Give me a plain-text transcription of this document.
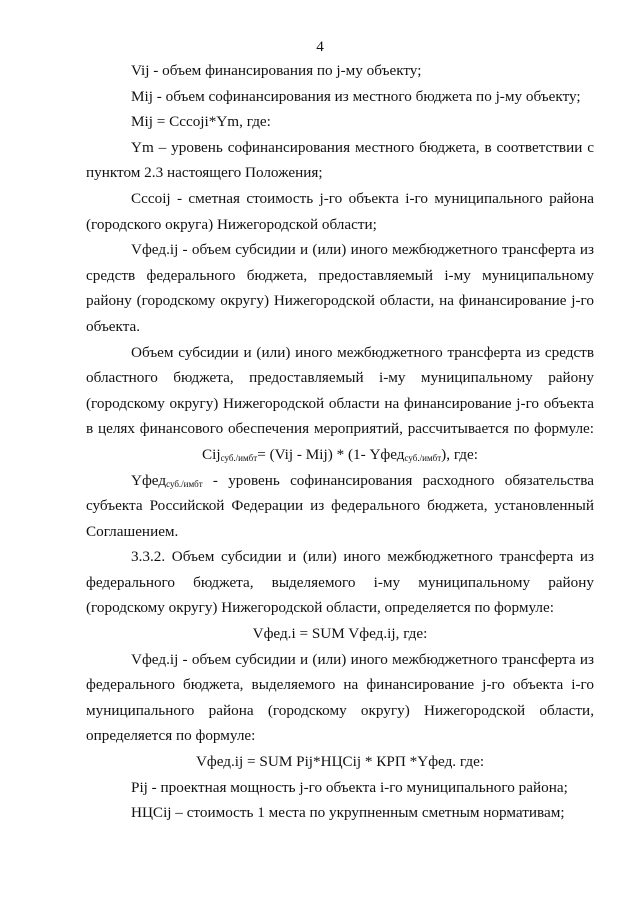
4
Vij - объем финансирования по j-му объекту;
Mij - объем софинансирования из местного бюджета по j-му объекту;
Mij = Cccoji*Ym, где:
Ym – уровень софинансирования местного бюджета, в соответствии с
пунктом 2.3 настоящего Положения;
Cccoij - сметная стоимость j-го объекта i-го муниципального района
(городского округа) Нижегородской области;
Vфед.ij - объем субсидии и (или) иного межбюджетного трансферта из
средств федерального бюджета, предоставляемый i-му муниципальному
району (городскому округу) Нижегородской области, на финансирование j-го
объекта.
Объем субсидии и (или) иного межбюджетного трансферта из средств
областного бюджета, предоставляемый i-му муниципальному району
(городскому округу) Нижегородской области на финансирование j-го объекта
в целях финансового обеспечения мероприятий, рассчитывается по формуле:
Cij$_{суб./имбт}$= (Vij - Mij) * (1- Yфед$_{суб./имбт}$), где:
Yфед$_{суб./имбт}$ - уровень софинансирования расходного обязательства
субъекта Российской Федерации из федерального бюджета, установленный
Соглашением.
3.3.2. Объем субсидии и (или) иного межбюджетного трансферта из
федерального бюджета, выделяемого i-му муниципальному району
(городскому округу) Нижегородской области, определяется по формуле:
Vфед.i = SUM Vфед.ij, где:
Vфед.ij - объем субсидии и (или) иного межбюджетного трансферта из
федерального бюджета, выделяемого на финансирование j-го объекта i-го
муниципального района (городскому округу) Нижегородской области,
определяется по формуле:
Vфед.ij = SUM Pij*НЦCij * КРП *Yфед. где:
Pij - проектная мощность j-го объекта i-го муниципального района;
НЦCij – стоимость 1 места по укрупненным сметным нормативам;
